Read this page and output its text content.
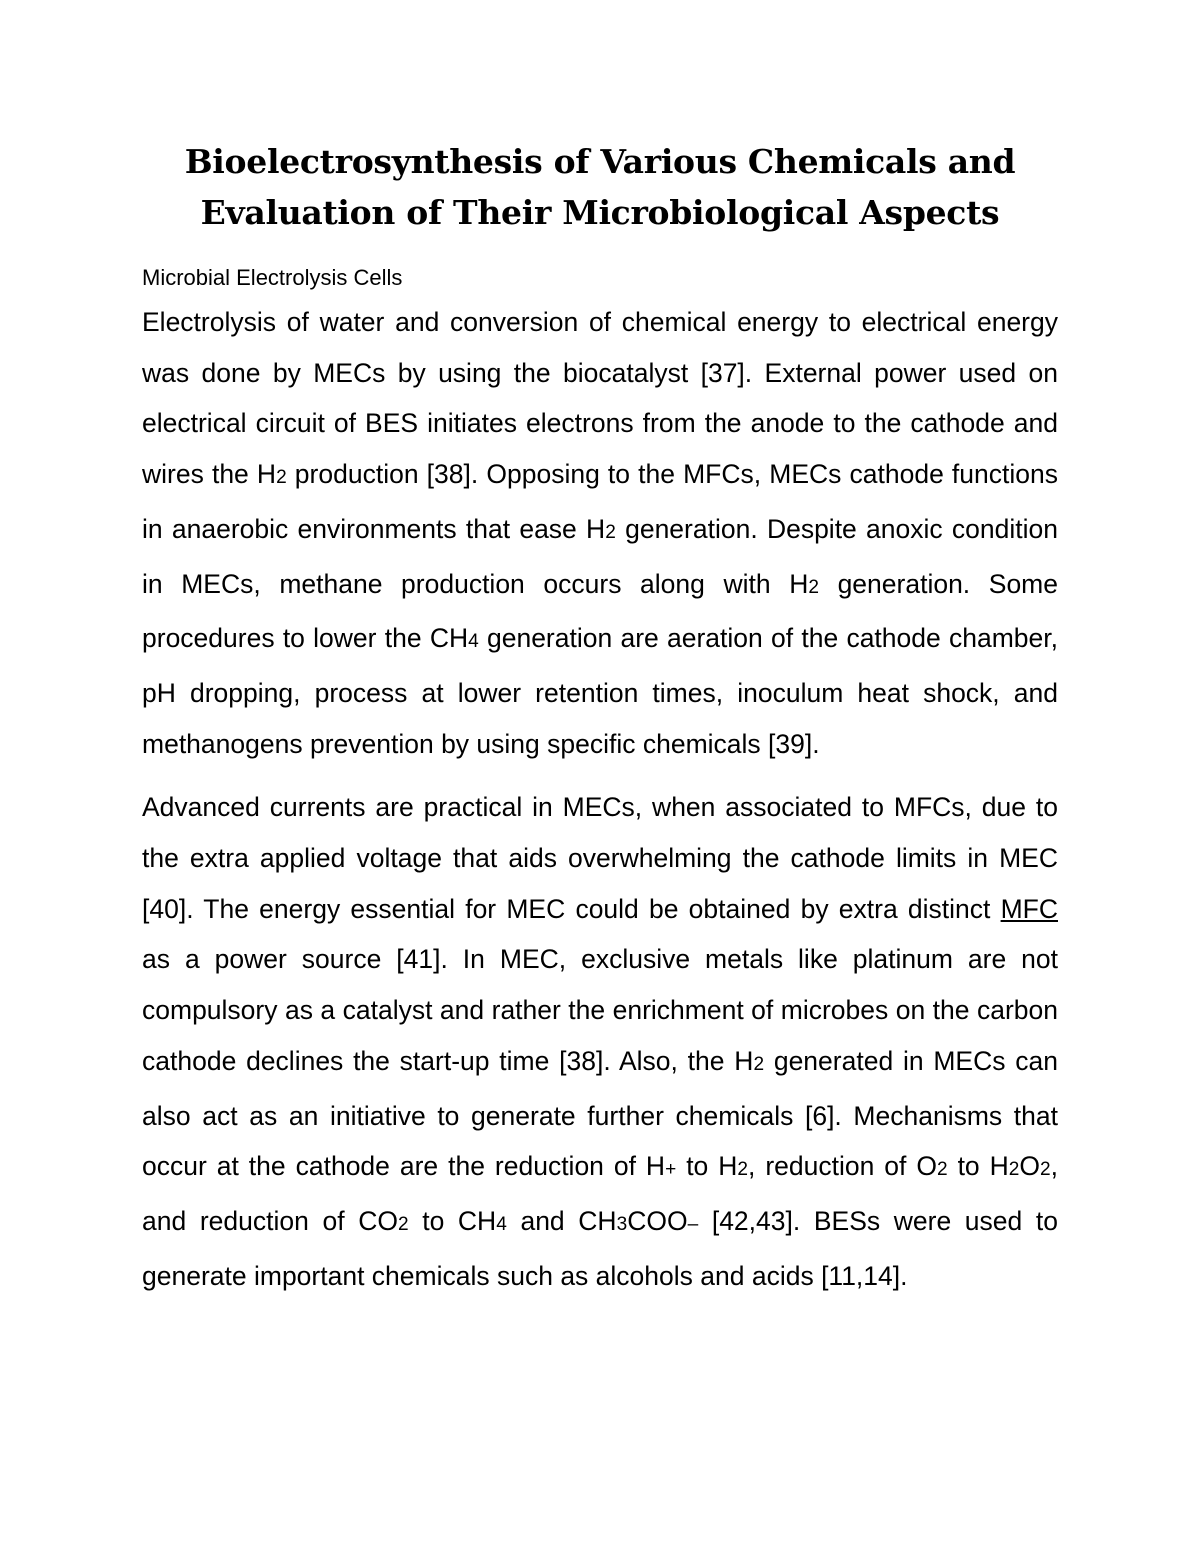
Bioelectrosynthesis of Various Chemicals and
Evaluation of Their Microbiological Aspects
Microbial Electrolysis Cells

Electrolysis of water and conversion of chemical energy to electrical energy was done by MECs by using the biocatalyst [37]. External power used on electrical circuit of BES initiates electrons from the anode to the cathode and wires the H2 production [38]. Opposing to the MFCs, MECs cathode functions in anaerobic environments that ease H2 generation. Despite anoxic condition in MECs, methane production occurs along with H2 generation. Some procedures to lower the CH4 generation are aeration of the cathode chamber, pH dropping, process at lower retention times, inoculum heat shock, and methanogens prevention by using specific chemicals [39].

Advanced currents are practical in MECs, when associated to MFCs, due to the extra applied voltage that aids overwhelming the cathode limits in MEC [40]. The energy essential for MEC could be obtained by extra distinct MFC as a power source [41]. In MEC, exclusive metals like platinum are not compulsory as a catalyst and rather the enrichment of microbes on the carbon cathode declines the start-up time [38]. Also, the H2 generated in MECs can also act as an initiative to generate further chemicals [6]. Mechanisms that occur at the cathode are the reduction of H+ to H2, reduction of O2 to H2O2, and reduction of CO2 to CH4 and CH3COO– [42,43]. BESs were used to generate important chemicals such as alcohols and acids [11,14].
